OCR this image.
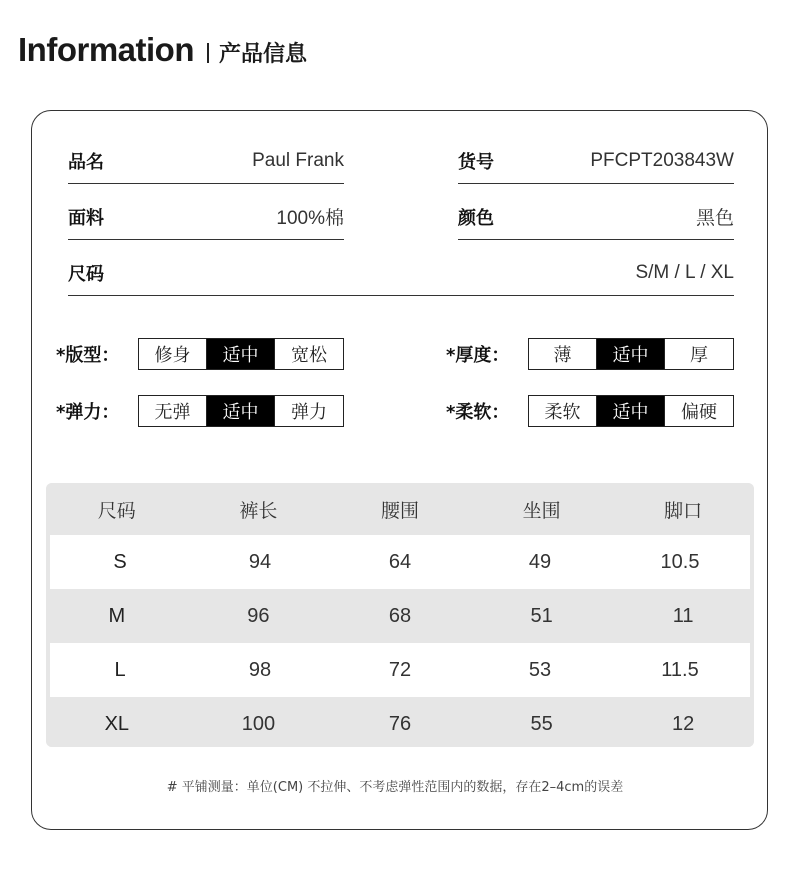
Information 产品信息
品名	Paul Frank	货号	PFCPT203843W
面料	100%棉	颜色	黑色
尺码	S/M / L / XL
*版型：	修身	适中	宽松	*厚度：	薄	适中	厚
*弹力：	无弹	适中	弹力	*柔软：	柔软	适中	偏硬
尺码	裤长	腰围	坐围	脚口
S	94	64	49	10.5
M	96	68	51	11
L	98	72	53	11.5
XL	100	76	55	12
# 平铺测量：单位(CM) 不拉伸、不考虑弹性范围内的数据，存在2–4cm的误差
